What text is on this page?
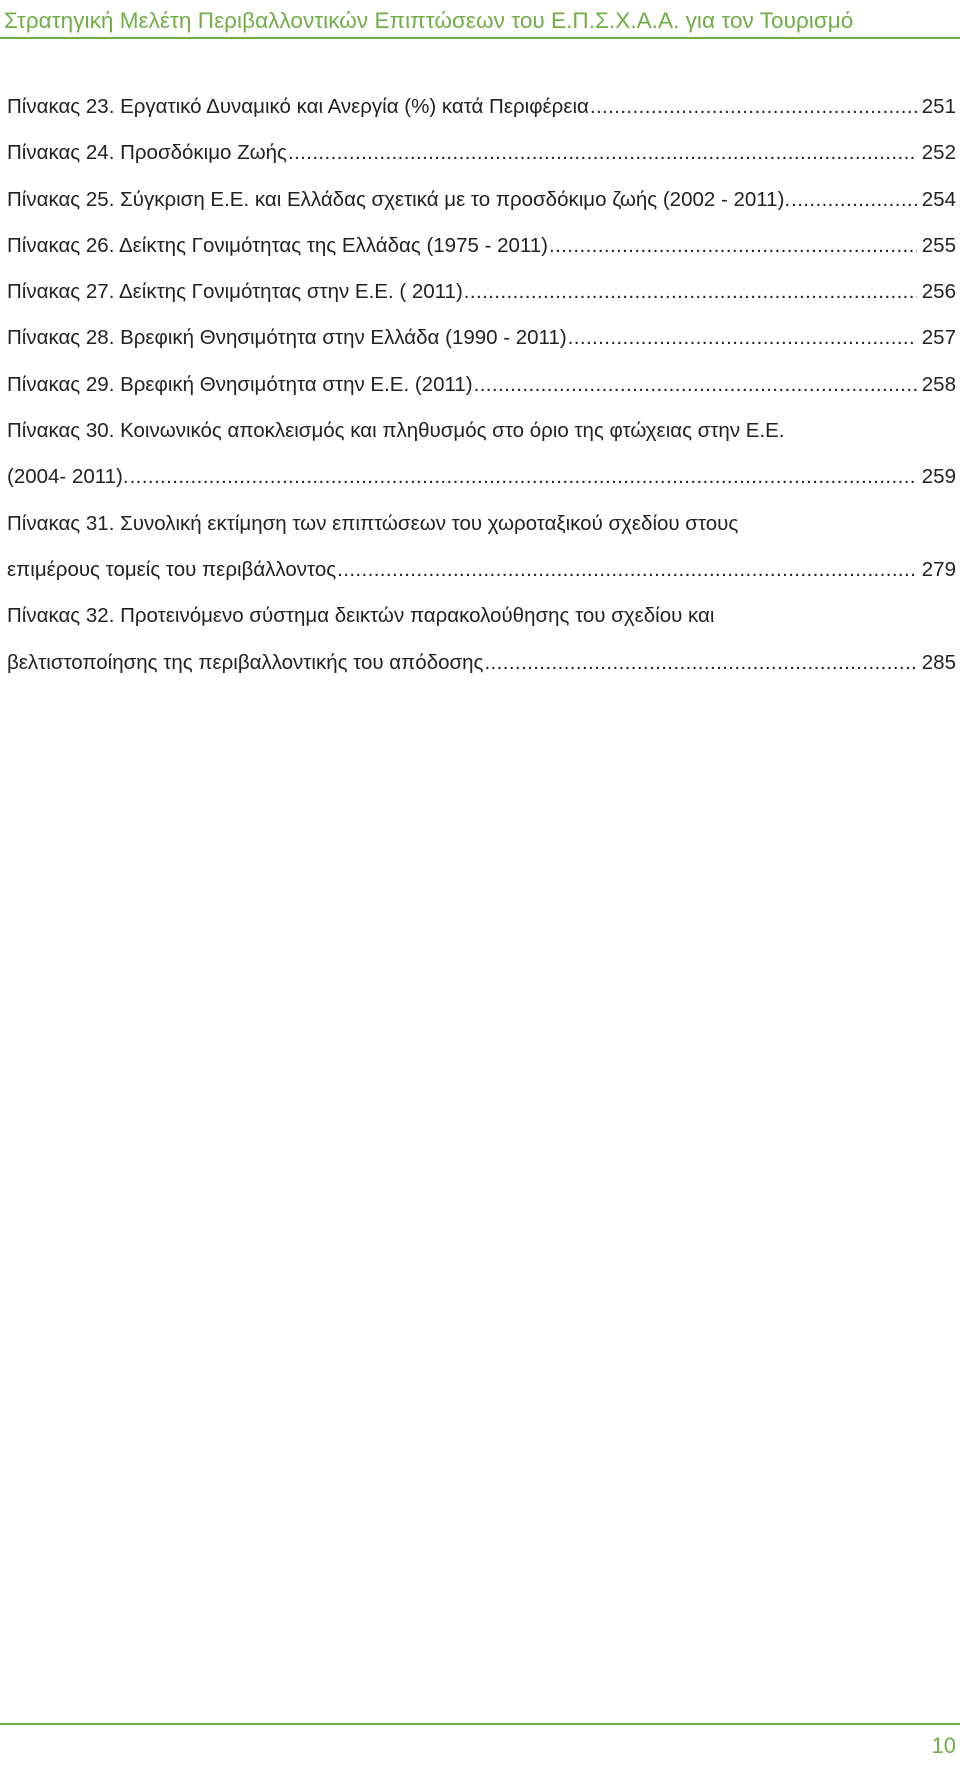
Στρατηγική Μελέτη Περιβαλλοντικών Επιπτώσεων του Ε.Π.Σ.Χ.Α.Α. για τον Τουρισμό
Πίνακας 23. Εργατικό Δυναμικό και Ανεργία (%) κατά Περιφέρεια .....	251
Πίνακας 24. Προσδόκιμο Ζωής .....	252
Πίνακας 25. Σύγκριση Ε.Ε. και Ελλάδας σχετικά με το προσδόκιμο ζωής (2002 - 2011). .....	254
Πίνακας 26. Δείκτης Γονιμότητας της Ελλάδας (1975 - 2011) .....	255
Πίνακας 27. Δείκτης Γονιμότητας στην Ε.Ε. ( 2011) .....	256
Πίνακας 28. Βρεφική Θνησιμότητα στην Ελλάδα (1990 - 2011) .....	257
Πίνακας 29. Βρεφική Θνησιμότητα στην Ε.Ε. (2011) .....	258
Πίνακας 30. Κοινωνικός αποκλεισμός και πληθυσμός στο όριο της φτώχειας στην Ε.Ε.
(2004- 2011). .....	259
Πίνακας 31. Συνολική εκτίμηση των επιπτώσεων του χωροταξικού σχεδίου στους
επιμέρους τομείς του περιβάλλοντος .....	279
Πίνακας 32. Προτεινόμενο σύστημα δεικτών παρακολούθησης του σχεδίου και
βελτιστοποίησης της περιβαλλοντικής του απόδοσης .....	285
10
